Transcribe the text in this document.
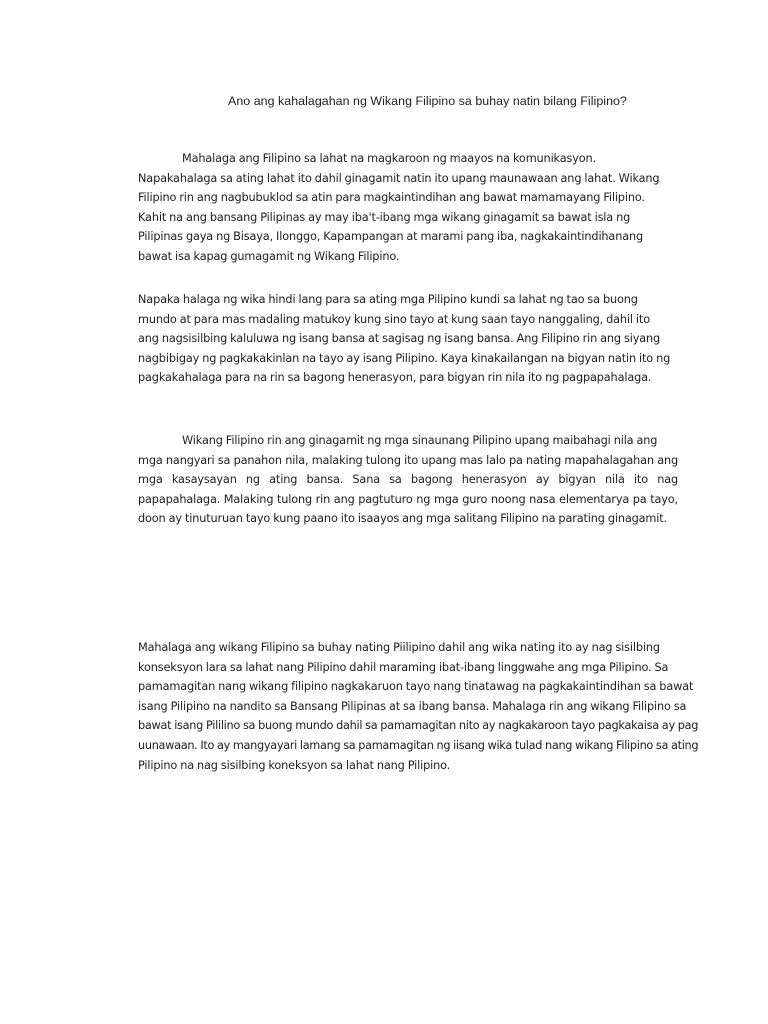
Ano ang kahalagahan ng Wikang Filipino sa buhay natin bilang Filipino?

Mahalaga ang Filipino sa lahat na magkaroon ng maayos na komunikasyon.
Napakahalaga sa ating lahat ito dahil ginagamit natin ito upang maunawaan ang lahat. Wikang
Filipino rin ang nagbubuklod sa atin para magkaintindihan ang bawat mamamayang Filipino.
Kahit na ang bansang Pilipinas ay may iba't-ibang mga wikang ginagamit sa bawat isla ng
Pilipinas gaya ng Bisaya, Ilonggo, Kapampangan at marami pang iba, nagkakaintindihanang
bawat isa kapag gumagamit ng Wikang Filipino.
Napaka halaga ng wika hindi lang para sa ating mga Pilipino kundi sa lahat ng tao sa buong
mundo at para mas madaling matukoy kung sino tayo at kung saan tayo nanggaling, dahil ito
ang nagsisilbing kaluluwa ng isang bansa at sagisag ng isang bansa. Ang Filipino rin ang siyang
nagbibigay ng pagkakakinlan na tayo ay isang Pilipino. Kaya kinakailangan na bigyan natin ito ng
pagkakahalaga para na rin sa bagong henerasyon, para bigyan rin nila ito ng pagpapahalaga.
Wikang Filipino rin ang ginagamit ng mga sinaunang Pilipino upang maibahagi nila ang
mga nangyari sa panahon nila, malaking tulong ito upang mas lalo pa nating mapahalagahan ang
mga kasaysayan ng ating bansa. Sana sa bagong henerasyon ay bigyan nila ito nag
papapahalaga. Malaking tulong rin ang pagtuturo ng mga guro noong nasa elementarya pa tayo,
doon ay tinuturuan tayo kung paano ito isaayos ang mga salitang Filipino na parating ginagamit.
Mahalaga ang wikang Filipino sa buhay nating Piilipino dahil ang wika nating ito ay nag sisilbing
konseksyon lara sa lahat nang Pilipino dahil maraming ibat-ibang linggwahe ang mga Pilipino. Sa
pamamagitan nang wikang filipino nagkakaruon tayo nang tinatawag na pagkakaintindihan sa bawat
isang Pilipino na nandito sa Bansang Pilipinas at sa ibang bansa. Mahalaga rin ang wikang Filipino sa
bawat isang Pililino sa buong mundo dahil sa pamamagitan nito ay nagkakaroon tayo pagkakaisa ay pag
uunawaan. Ito ay mangyayari lamang sa pamamagitan ng iisang wika tulad nang wikang Filipino sa ating
Pilipino na nag sisilbing koneksyon sa lahat nang Pilipino.
